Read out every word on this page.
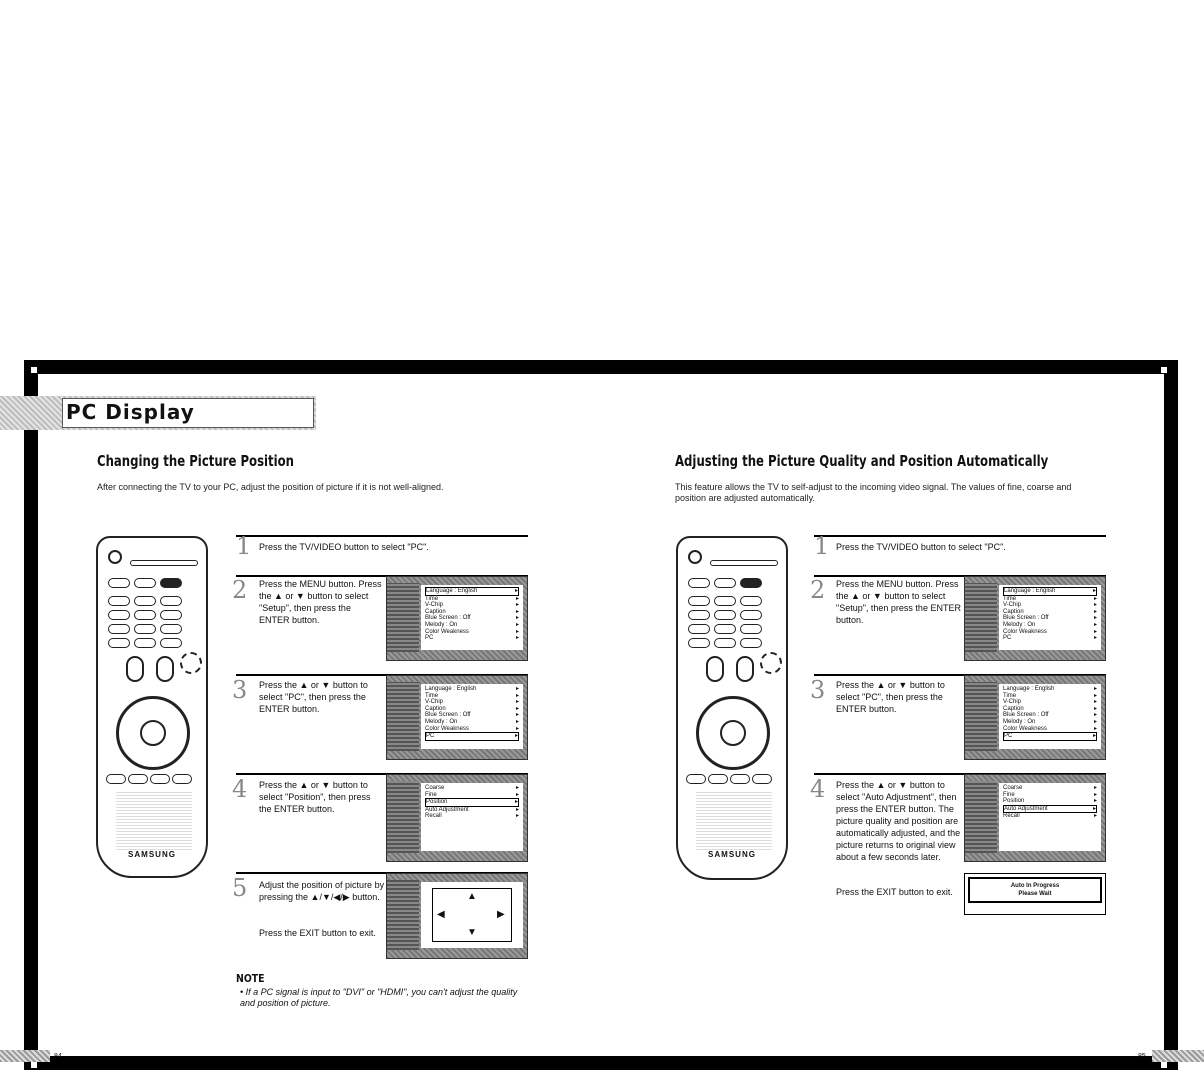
PC Display
Changing the Picture Position
After connecting the TV to your PC, adjust the position of picture if it is not well-aligned.
SAMSUNG
1 Press the TV/VIDEO button to select "PC".
2 Press the MENU button. Press the ▲ or ▼ button to select "Setup", then press the ENTER button.
Language : English	▸
Time	▸
V-Chip	▸
Caption	▸
Blue Screen : Off	▸
Melody : On	▸
Color Weakness	▸
PC	▸
3 Press the ▲ or ▼ button to select "PC", then press the ENTER button.
Language : English	▸
Time	▸
V-Chip	▸
Caption	▸
Blue Screen : Off	▸
Melody : On	▸
Color Weakness	▸
PC	▸
4 Press the ▲ or ▼ button to select "Position", then press the ENTER button.
Coarse	▸
Fine	▸
Position	▸
Auto Adjustment	▸
Recall	▸
5 Adjust the position of picture by pressing the ▲/▼/◀/▶ button.
Press the EXIT button to exit.
▲
▼
◀	▶
NOTE
• If a PC signal is input to "DVI" or "HDMI", you can't adjust the quality and position of picture.
Adjusting the Picture Quality and Position Automatically
This feature allows the TV to self-adjust to the incoming video signal. The values of fine, coarse and position are adjusted automatically.
SAMSUNG
1 Press the TV/VIDEO button to select "PC".
2 Press the MENU button. Press the ▲ or ▼ button to select "Setup", then press the ENTER button.
Language : English	▸
Time	▸
V-Chip	▸
Caption	▸
Blue Screen : Off	▸
Melody : On	▸
Color Weakness	▸
PC	▸
3 Press the ▲ or ▼ button to select "PC", then press the ENTER button.
Language : English	▸
Time	▸
V-Chip	▸
Caption	▸
Blue Screen : Off	▸
Melody : On	▸
Color Weakness	▸
PC	▸
4 Press the ▲ or ▼ button to select "Auto Adjustment", then press the ENTER button. The picture quality and position are automatically adjusted, and the picture returns to original view about a few seconds later.
Press the EXIT button to exit.
Coarse	▸
Fine	▸
Position	▸
Auto Adjustment	▸
Recall	▸
Auto In Progress
Please Wait
84	85
